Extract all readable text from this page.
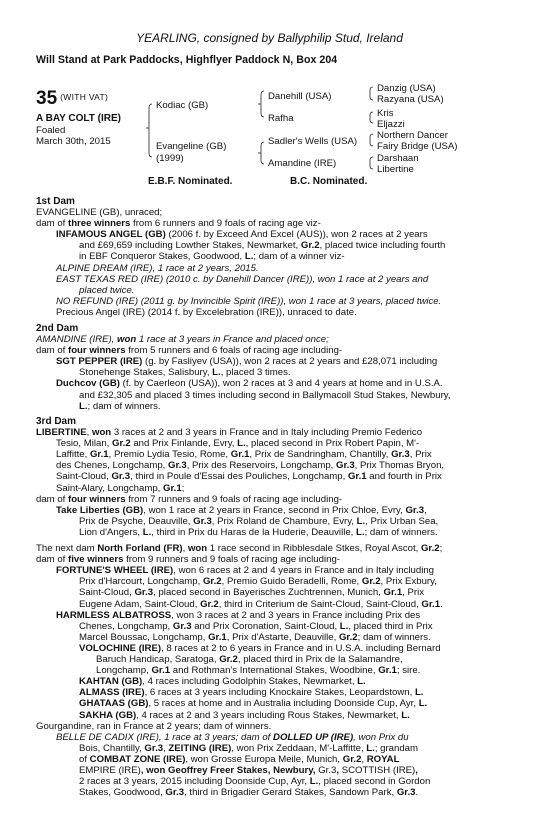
YEARLING, consigned by Ballyphilip Stud, Ireland
Will Stand at Park Paddocks, Highflyer Paddock N, Box 204
35 $^{(WITH VAT)}$
A BAY COLT (IRE)
Foaled
March 30th, 2015
Kodiac (GB)
Evangeline (GB)
(1999)
Danehill (USA)
Rafha
Sadler's Wells (USA)
Amandine (IRE)
Danzig (USA)
Razyana (USA)
Kris
Eljazzi
Northern Dancer
Fairy Bridge (USA)
Darshaan
Libertine
E.B.F. Nominated.	B.C. Nominated.
1st Dam
EVANGELINE (GB), unraced;
dam of three winners from 6 runners and 9 foals of racing age viz-
INFAMOUS ANGEL (GB) (2006 f. by Exceed And Excel (AUS)), won 2 races at 2 years
and £69,659 including Lowther Stakes, Newmarket, Gr.2, placed twice including fourth
in EBF Conqueror Stakes, Goodwood, L.; dam of a winner viz-
ALPINE DREAM (IRE), 1 race at 2 years, 2015.
EAST TEXAS RED (IRE) (2010 c. by Danehill Dancer (IRE)), won 1 race at 2 years and
placed twice.
NO REFUND (IRE) (2011 g. by Invincible Spirit (IRE)), won 1 race at 3 years, placed twice.
Precious Angel (IRE) (2014 f. by Excelebration (IRE)), unraced to date.
2nd Dam
AMANDINE (IRE), won 1 race at 3 years in France and placed once;
dam of four winners from 5 runners and 6 foals of racing age including-
SGT PEPPER (IRE) (g. by Fasliyev (USA)), won 2 races at 2 years and £28,071 including
Stonehenge Stakes, Salisbury, L., placed 3 times.
Duchcov (GB) (f. by Caerleon (USA)), won 2 races at 3 and 4 years at home and in U.S.A.
and £32,305 and placed 3 times including second in Ballymacoll Stud Stakes, Newbury,
L.; dam of winners.
3rd Dam
LIBERTINE, won 3 races at 2 and 3 years in France and in Italy including Premio Federico
Tesio, Milan, Gr.2 and Prix Finlande, Evry, L., placed second in Prix Robert Papin, M'-
Laffitte, Gr.1, Premio Lydia Tesio, Rome, Gr.1, Prix de Sandringham, Chantilly, Gr.3, Prix
des Chenes, Longchamp, Gr.3, Prix des Reservoirs, Longchamp, Gr.3, Prix Thomas Bryon,
Saint-Cloud, Gr.3, third in Poule d'Essai des Pouliches, Longchamp, Gr.1 and fourth in Prix
Saint-Alary, Longchamp, Gr.1;
dam of four winners from 7 runners and 9 foals of racing age including-
Take Liberties (GB), won 1 race at 2 years in France, second in Prix Chloe, Evry, Gr.3,
Prix de Psyche, Deauville, Gr.3, Prix Roland de Chambure, Evry, L., Prix Urban Sea,
Lion d'Angers, L., third in Prix du Haras de la Huderie, Deauville, L.; dam of winners.
The next dam North Forland (FR), won 1 race second in Ribblesdale Stkes, Royal Ascot, Gr.2;
dam of five winners from 9 runners and 9 foals of racing age including-
FORTUNE'S WHEEL (IRE), won 6 races at 2 and 4 years in France and in Italy including
Prix d'Harcourt, Longchamp, Gr.2, Premio Guido Beradelli, Rome, Gr.2, Prix Exbury,
Saint-Cloud, Gr.3, placed second in Bayerisches Zuchtrennen, Munich, Gr.1, Prix
Eugene Adam, Saint-Cloud, Gr.2, third in Criterium de Saint-Cloud, Saint-Cloud, Gr.1.
HARMLESS ALBATROSS, won 3 races at 2 and 3 years in France including Prix des
Chenes, Longchamp, Gr.3 and Prix Coronation, Saint-Cloud, L., placed third in Prix
Marcel Boussac, Longchamp, Gr.1, Prix d'Astarte, Deauville, Gr.2; dam of winners.
VOLOCHINE (IRE), 8 races at 2 to 6 years in France and in U.S.A. including Bernard
Baruch Handicap, Saratoga, Gr.2, placed third in Prix de la Salamandre,
Longchamp, Gr.1 and Rothman's International Stakes, Woodbine, Gr.1; sire.
KAHTAN (GB), 4 races including Godolphin Stakes, Newmarket, L.
ALMASS (IRE), 6 races at 3 years including Knockaire Stakes, Leopardstown, L.
GHATAAS (GB), 5 races at home and in Australia including Doonside Cup, Ayr, L.
SAKHA (GB), 4 races at 2 and 3 years including Rous Stakes, Newmarket, L.
Gourgandine, ran in France at 2 years; dam of winners.
BELLE DE CADIX (IRE), 1 race at 3 years; dam of DOLLED UP (IRE), won Prix du
Bois, Chantilly, Gr.3, ZEITING (IRE), won Prix Zeddaan, M'-Laffitte, L.; grandam
of COMBAT ZONE (IRE), won Grosse Europa Meile, Munich, Gr.2, ROYAL
EMPIRE (IRE), won Geoffrey Freer Stakes, Newbury, Gr.3, SCOTTISH (IRE),
2 races at 3 years, 2015 including Doonside Cup, Ayr, L., placed second in Gordon
Stakes, Goodwood, Gr.3, third in Brigadier Gerard Stakes, Sandown Park, Gr.3.
